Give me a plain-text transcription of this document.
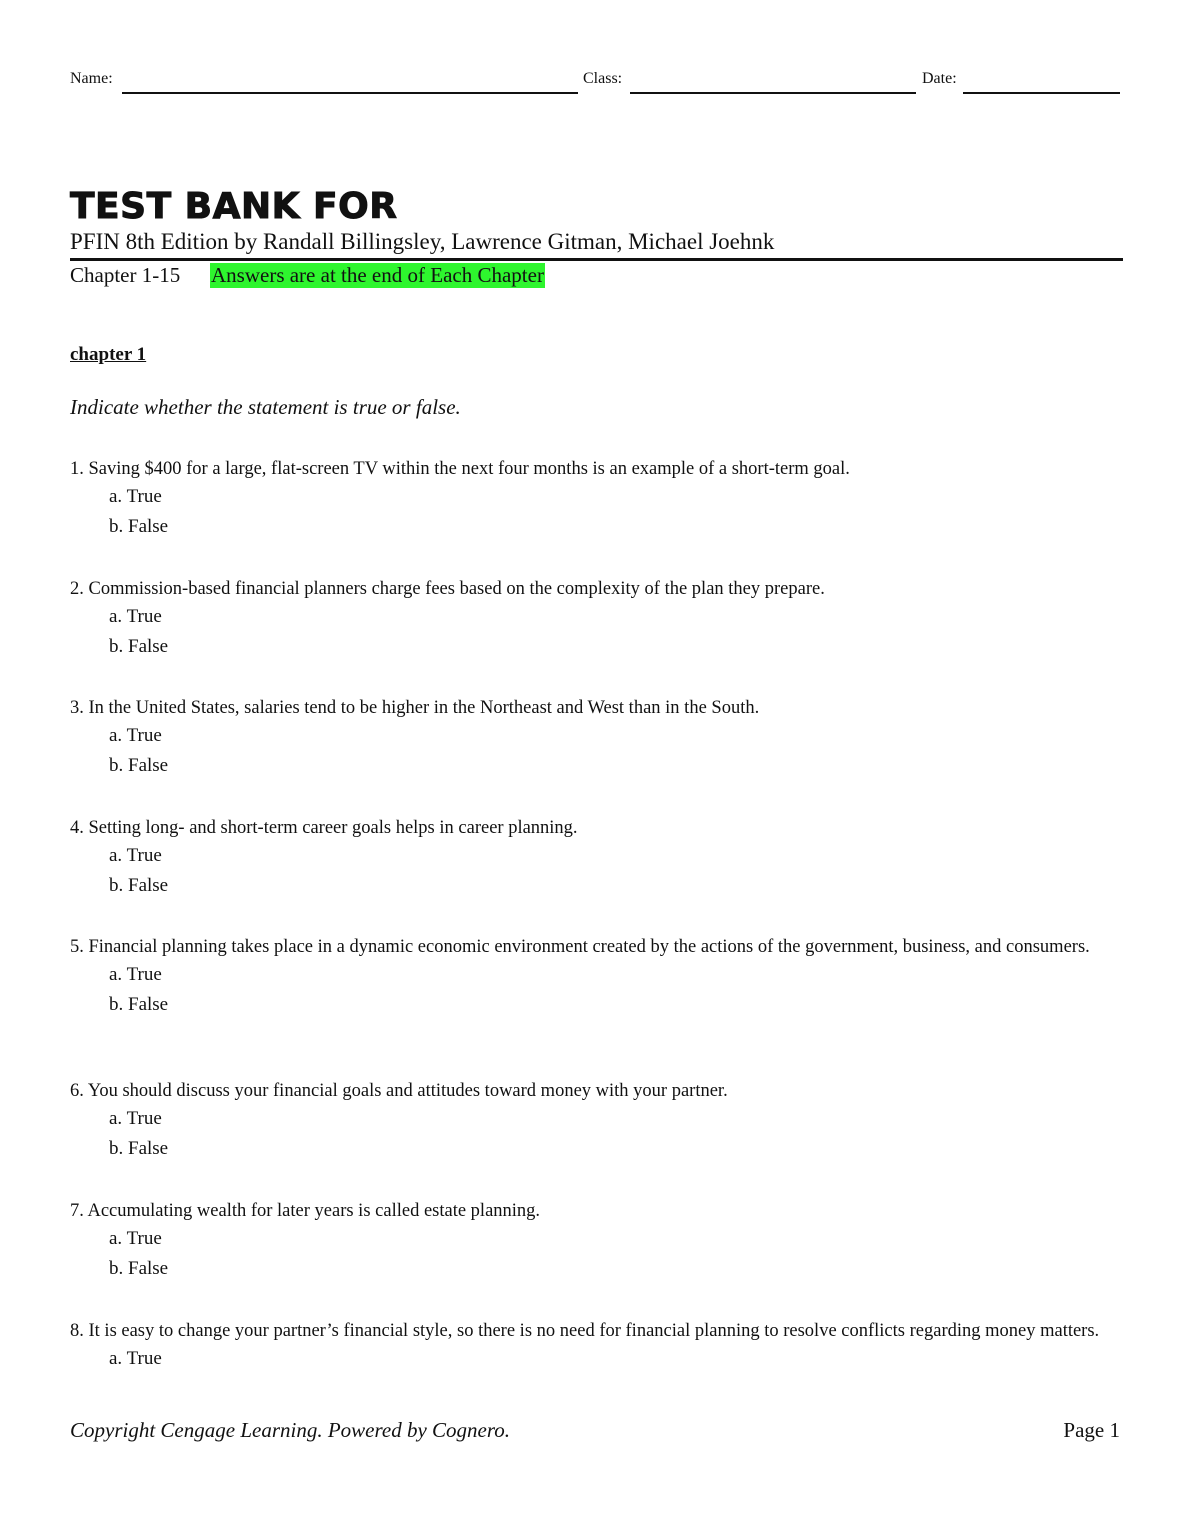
Name:	Class:	Date:
TEST BANK FOR
PFIN 8th Edition by Randall Billingsley, Lawrence Gitman, Michael Joehnk
Chapter 1-15 Answers are at the end of Each Chapter
chapter 1
Indicate whether the statement is true or false.
1. Saving $400 for a large, flat-screen TV within the next four months is an example of a short-term goal.
a. True
b. False
2. Commission-based financial planners charge fees based on the complexity of the plan they prepare.
a. True
b. False
3. In the United States, salaries tend to be higher in the Northeast and West than in the South.
a. True
b. False
4. Setting long- and short-term career goals helps in career planning.
a. True
b. False
5. Financial planning takes place in a dynamic economic environment created by the actions of the government, business, and consumers.
a. True
b. False
6. You should discuss your financial goals and attitudes toward money with your partner.
a. True
b. False
7. Accumulating wealth for later years is called estate planning.
a. True
b. False
8. It is easy to change your partner’s financial style, so there is no need for financial planning to resolve conflicts regarding money matters.
a. True
Copyright Cengage Learning. Powered by Cognero.	Page 1
